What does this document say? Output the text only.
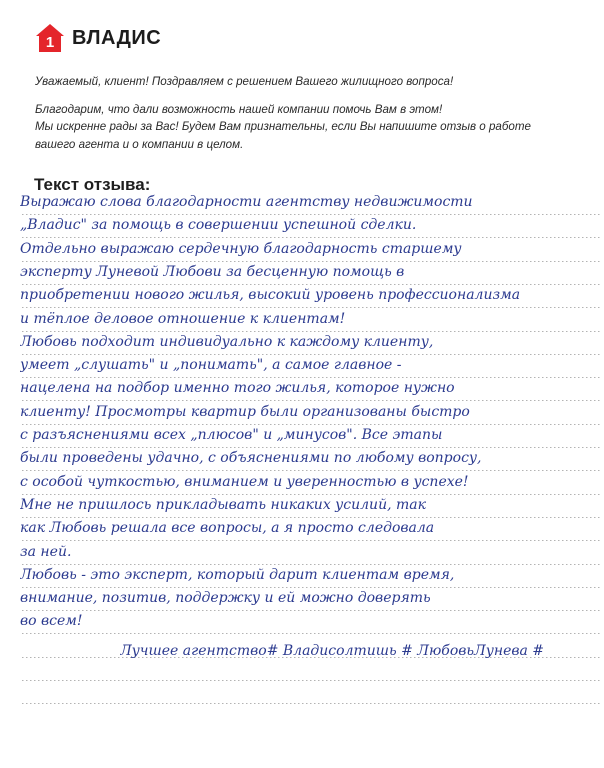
1 ВЛАДИС

Уважаемый, клиент! Поздравляем с решением Вашего жилищного вопроса!

Благодарим, что дали возможность нашей компании помочь Вам в этом!

Мы искренне рады за Вас! Будем Вам признательны, если Вы напишите отзыв о работе

вашего агента и о компании в целом.

Текст отзыва:
Выражаю слова благодарности агентству недвижимости
„Владис" за помощь в совершении успешной сделки.
Отдельно выражаю сердечную благодарность старшему
эксперту Луневой Любови за бесценную помощь в
приобретении нового жилья, высокий уровень профессионализма
и тёплое деловое отношение к клиентам!
Любовь подходит индивидуально к каждому клиенту,
умеет „слушать" и „понимать", а самое главное -
нацелена на подбор именно того жилья, которое нужно
клиенту! Просмотры квартир были организованы быстро
с разъяснениями всех „плюсов" и „минусов". Все этапы
были проведены удачно, с объяснениями по любому вопросу,
с особой чуткостью, вниманием и уверенностью в успехе!
Мне не пришлось прикладывать никаких усилий, так
как Любовь решала все вопросы, а я просто следовала
за ней.
Любовь - это эксперт, который дарит клиентам время,
внимание, позитив, поддержку и ей можно доверять
во всем!
Лучшее агентство# Владисолтишь # ЛюбовьЛунева #
